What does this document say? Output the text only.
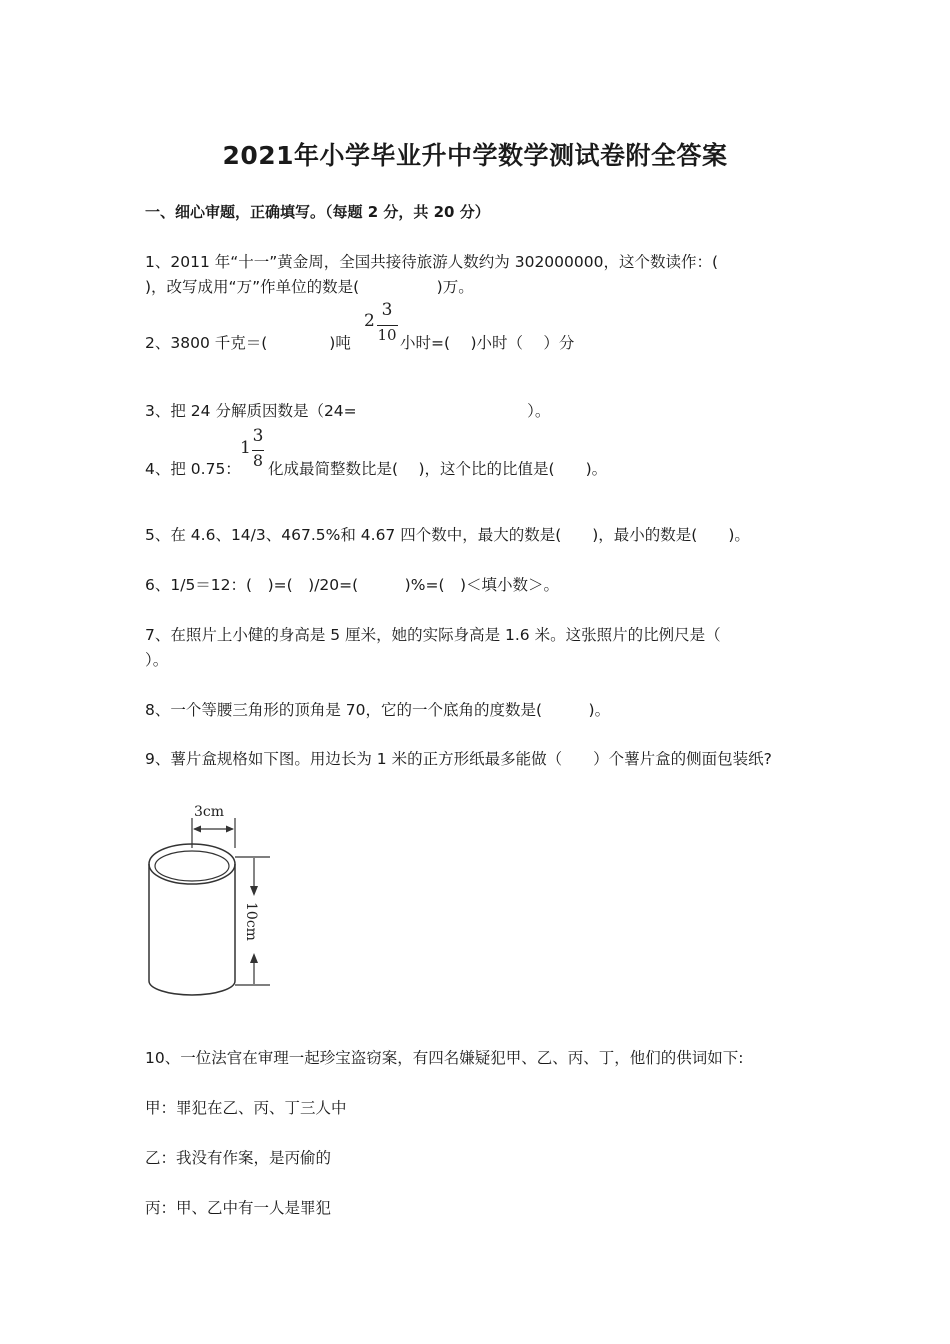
2021年小学毕业升中学数学测试卷附全答案
一、细心审题，正确填写。（每题 2 分，共 20 分）
1、2011 年“十一”黄金周，全国共接待旅游人数约为 302000000，这个数读作：(
)，改写成用“万”作单位的数是(　　　　　)万。
2、3800 千克＝(　　　　)吨
2
3
10 小时=(　 )小时（　 ）分
3、把 24 分解质因数是（24=　　　　　　　　　　　）。
4、把 0.75：
1
3
8 化成最简整数比是(　 )，这个比的比值是(　　)。
5、在 4.6、14/3、467.5%和 4.67 四个数中，最大的数是(　　)，最小的数是(　　)。
6、1/5＝12：(　)=(　)/20=(　　　)%=(　)＜填小数＞。
7、在照片上小健的身高是 5 厘米，她的实际身高是 1.6 米。这张照片的比例尺是（
）。
8、一个等腰三角形的顶角是 70，它的一个底角的度数是(　　　)。
9、薯片盒规格如下图。用边长为 1 米的正方形纸最多能做（　　）个薯片盒的侧面包装纸?
3cm
10cm
10、一位法官在审理一起珍宝盗窃案，有四名嫌疑犯甲、乙、丙、丁，他们的供词如下:
甲：罪犯在乙、丙、丁三人中
乙：我没有作案，是丙偷的
丙：甲、乙中有一人是罪犯
